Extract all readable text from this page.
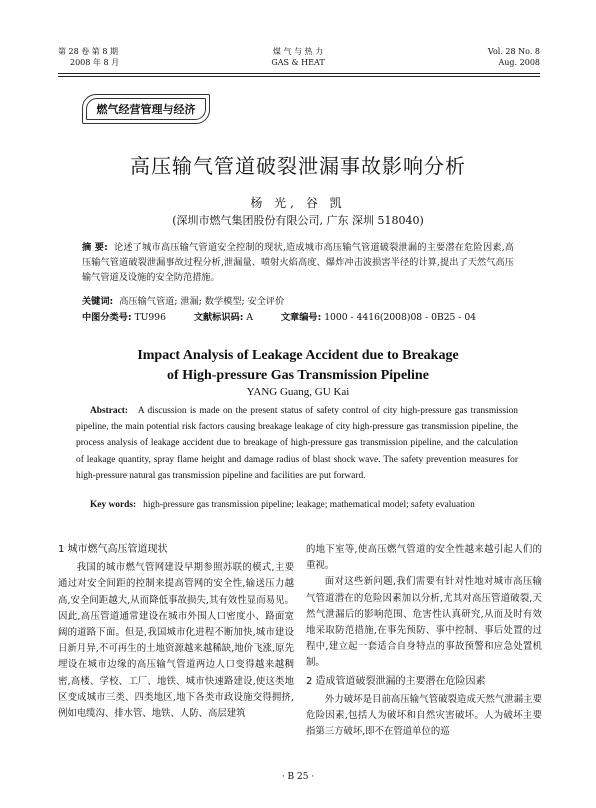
第 28 卷 第 8 期
2008 年 8 月
煤 气 与 热 力
GAS & HEAT
Vol. 28 No. 8
Aug. 2008
燃气经营管理与经济
高压输气管道破裂泄漏事故影响分析
杨 光, 谷 凯
(深圳市燃气集团股份有限公司, 广东 深圳 518040)
摘 要: 论述了城市高压输气管道安全控制的现状,造成城市高压输气管道破裂泄漏的主要潜在危险因素,高压输气管道破裂泄漏事故过程分析,泄漏量、喷射火焰高度、爆炸冲击波损害半径的计算,提出了天然气高压输气管道及设施的安全防范措施。
关键词: 高压输气管道; 泄漏; 数学模型; 安全评价
中图分类号: TU996	文献标识码: A	文章编号: 1000 - 4416(2008)08 - 0B25 - 04
Impact Analysis of Leakage Accident due to Breakage
of High-pressure Gas Transmission Pipeline
YANG Guang, GU Kai
Abstract: A discussion is made on the present status of safety control of city high-pressure gas transmission pipeline, the main potential risk factors causing breakage leakage of city high-pressure gas transmission pipeline, the process analysis of leakage accident due to breakage of high-pressure gas transmission pipeline, and the calculation of leakage quantity, spray flame height and damage radius of blast shock wave. The safety prevention measures for high-pressure natural gas transmission pipeline and facilities are put forward.
Key words: high-pressure gas transmission pipeline; leakage; mathematical model; safety evaluation
1 城市燃气高压管道现状

我国的城市燃气管网建设早期参照苏联的模式,主要通过对安全间距的控制来提高管网的安全性,输送压力越高,安全间距越大,从而降低事故损失,其有效性显而易见。因此,高压管道通常建设在城市外围人口密度小、路面宽阔的道路下面。但是,我国城市化进程不断加快,城市建设日新月异,不可再生的土地资源越来越稀缺,地价飞涨,原先埋设在城市边缘的高压输气管道两边人口变得越来越稠密,高楼、学校、工厂、地铁、城市快速路建设,使这类地区变成城市三类、四类地区,地下各类市政设施交得拥挤,例如电缆沟、排水管、地铁、人防、高层建筑

的地下室等,使高压燃气管道的安全性越来越引起人们的重视。

面对这些新问题,我们需要有针对性地对城市高压输气管道潜在的危险因素加以分析,尤其对高压管道破裂,天然气泄漏后的影响范围、危害性认真研究,从而及时有效地采取防范措施,在事先预防、事中控制、事后处置的过程中,建立起一套适合自身特点的事故预警和应急处置机制。

2 造成管道破裂泄漏的主要潜在危险因素

外力破坏是目前高压输气管破裂造成天然气泄漏主要危险因素,包括人为破坏和自然灾害破坏。人为破坏主要指第三方破坏,即不在管道单位的巡

· B 25 ·
